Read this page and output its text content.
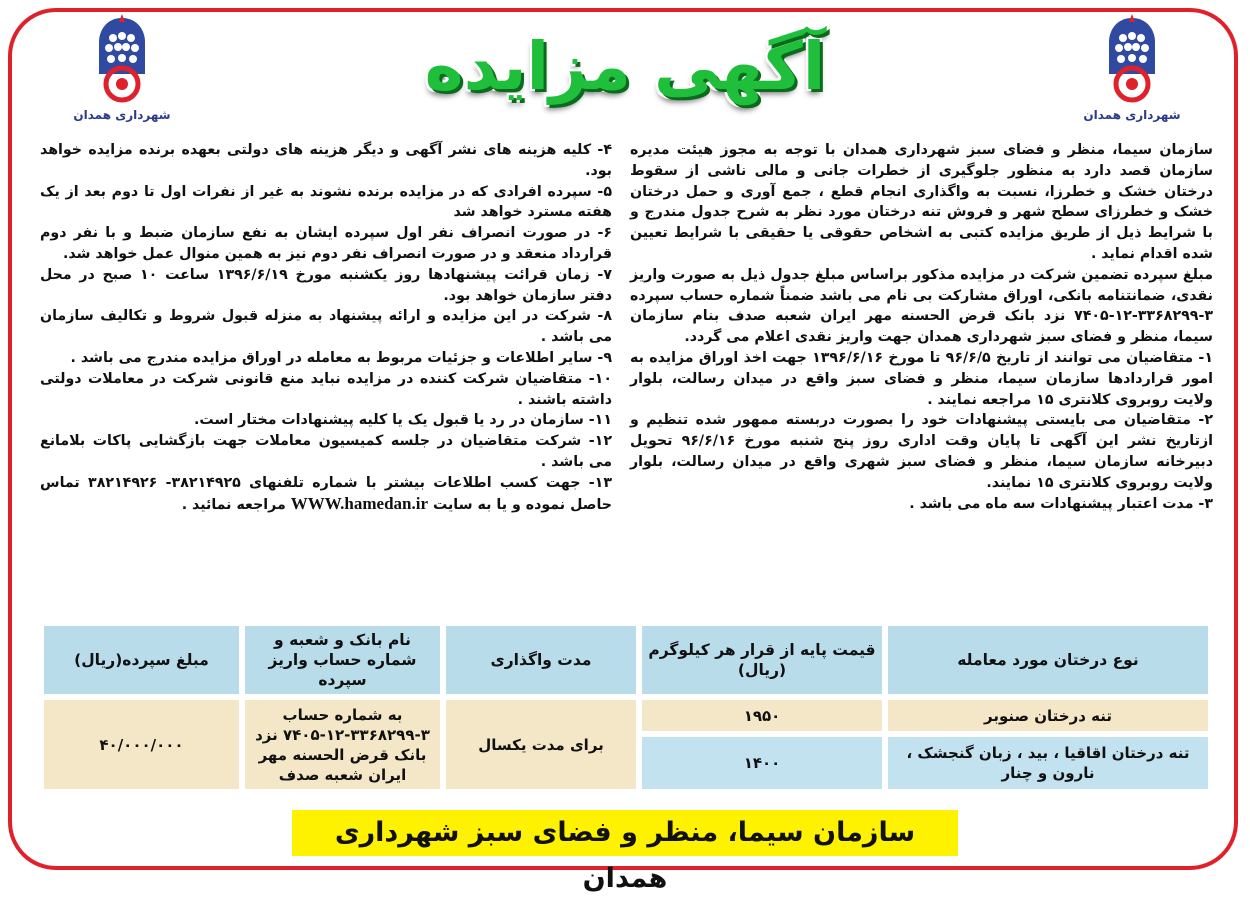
شهرداری همدان	شهرداری همدان
آگهی مزایده

سازمان سیما، منظر و فضای سبز شهرداری همدان با توجه به مجوز هیئت مدیره سازمان قصد دارد به منظور جلوگیری از خطرات جانی و مالی ناشی از سقوط درختان خشک و خطرزا، نسبت به واگذاری انجام قطع ، جمع آوری و حمل درختان خشک و خطرزای سطح شهر و فروش تنه درختان مورد نظر به شرح جدول مندرج و با شرایط ذیل از طریق مزایده کتبی به اشخاص حقوقی یا حقیقی با شرایط تعیین شده اقدام نماید .

مبلغ سپرده تضمین شرکت در مزایده مذکور براساس مبلغ جدول ذیل به صورت واریز نقدی، ضمانتنامه بانکی، اوراق مشارکت بی نام می باشد ضمناً شماره حساب سپرده ۳-۳۳۶۸۲۹۹-۱۲-۷۴۰۵ نزد بانک قرض الحسنه مهر ایران شعبه صدف بنام سازمان سیما، منظر و فضای سبز شهرداری همدان جهت واریز نقدی اعلام می گردد.

۱- متقاضیان می توانند از تاریخ ۹۶/۶/۵ تا مورخ ۱۳۹۶/۶/۱۶ جهت اخذ اوراق مزایده به امور قراردادها سازمان سیما، منظر و فضای سبز واقع در میدان رسالت، بلوار ولایت روبروی کلانتری ۱۵ مراجعه نمایند .

۲- متقاضیان می بایستی پیشنهادات خود را بصورت دربسته ممهور شده تنظیم و ازتاریخ نشر این آگهی تا پایان وقت اداری روز پنج شنبه مورخ ۹۶/۶/۱۶ تحویل دبیرخانه سازمان سیما، منظر و فضای سبز شهری واقع در میدان رسالت، بلوار ولایت روبروی کلانتری ۱۵ نمایند.

۳- مدت اعتبار پیشنهادات سه ماه می باشد .

۴- کلیه هزینه های نشر آگهی و دیگر هزینه های دولتی بعهده برنده مزایده خواهد بود.

۵- سپرده افرادی که در مزایده برنده نشوند به غیر از نفرات اول تا دوم بعد از یک هفته مسترد خواهد شد

۶- در صورت انصراف نفر اول سپرده ایشان به نفع سازمان ضبط و با نفر دوم قرارداد منعقد و در صورت انصراف نفر دوم نیز به همین منوال عمل خواهد شد.

۷- زمان قرائت پیشنهادها روز یکشنبه مورخ ۱۳۹۶/۶/۱۹ ساعت ۱۰ صبح در محل دفتر سازمان خواهد بود.

۸- شرکت در این مزایده و ارائه پیشنهاد به منزله قبول شروط و تکالیف سازمان می باشد .

۹- سایر اطلاعات و جزئیات مربوط به معامله در اوراق مزایده مندرج می باشد .

۱۰- متقاضیان شرکت کننده در مزایده نباید منع قانونی شرکت در معاملات دولتی داشته باشند .

۱۱- سازمان در رد یا قبول یک یا کلیه پیشنهادات مختار است.

۱۲- شرکت متقاضیان در جلسه کمیسیون معاملات جهت بازگشایی پاکات بلامانع می باشد .

۱۳- جهت کسب اطلاعات بیشتر با شماره تلفنهای ۳۸۲۱۴۹۲۵- ۳۸۲۱۴۹۲۶ تماس حاصل نموده و یا به سایت WWW.hamedan.ir مراجعه نمائید .

نوع درختان مورد معامله	قیمت پایه از قرار هر کیلوگرم (ریال)	مدت واگذاری	نام بانک و شعبه و شماره حساب واریز سپرده	مبلغ سپرده(ریال)
تنه درختان صنوبر	۱۹۵۰	برای مدت یکسال	به شماره حساب ۳-۳۳۶۸۲۹۹-۱۲-۷۴۰۵ نزد بانک قرض الحسنه مهر ایران شعبه صدف	۴۰/۰۰۰/۰۰۰
تنه درختان اقاقیا ، بید ، زبان گنجشک ، نارون و چنار	۱۴۰۰			
سازمان سیما، منظر و فضای سبز شهرداری همدان
